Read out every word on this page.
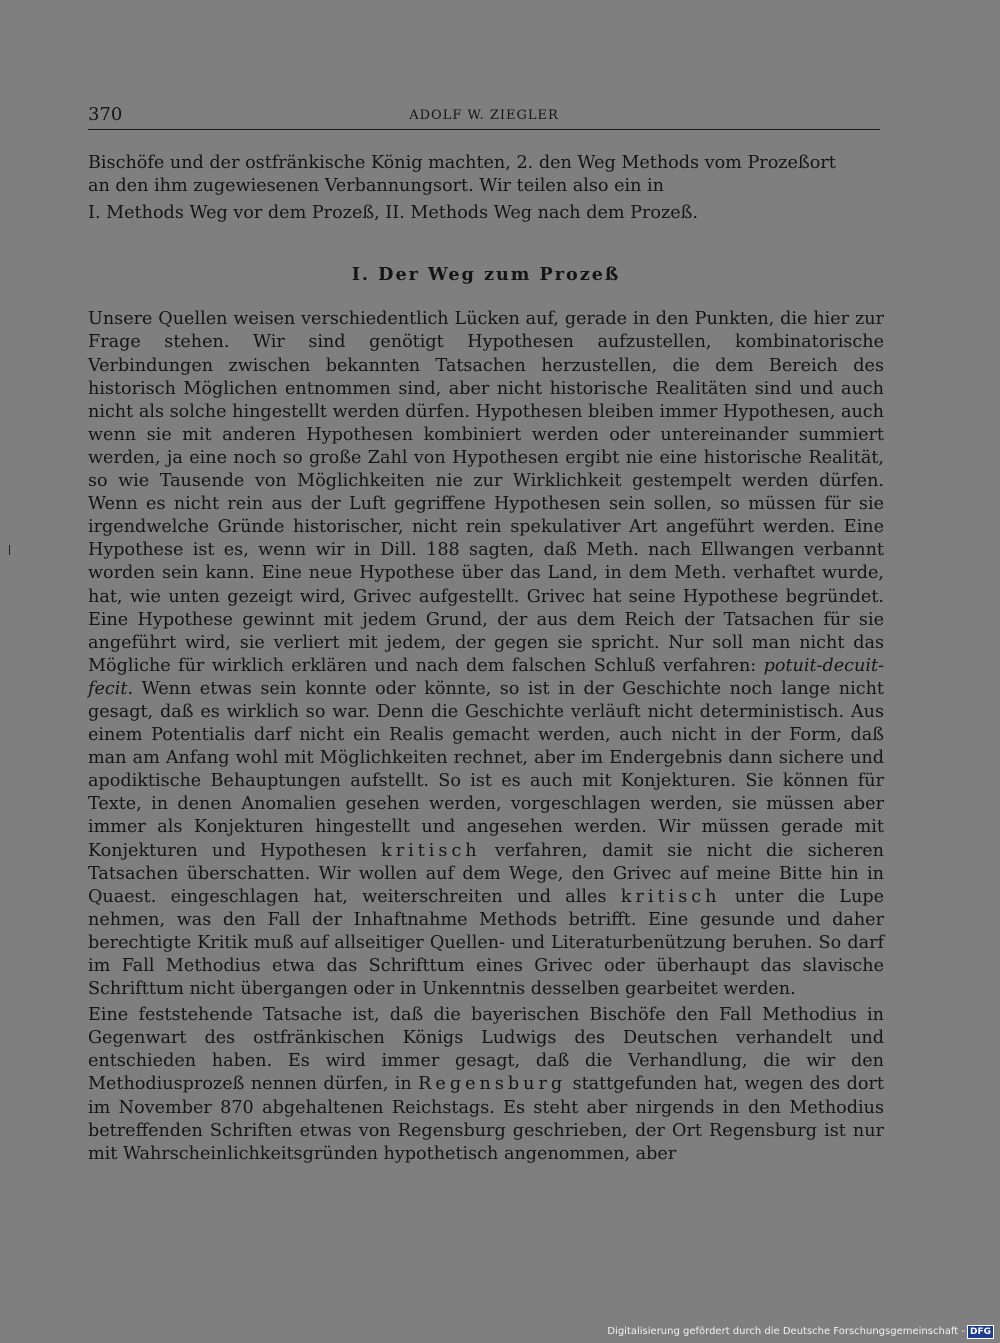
370	ADOLF W. ZIEGLER

Bischöfe und der ostfränkische König machten, 2. den Weg Methods vom Prozeßort
an den ihm zugewiesenen Verbannungsort. Wir teilen also ein in

I. Methods Weg vor dem Prozeß, II. Methods Weg nach dem Prozeß.

I. Der Weg zum Prozeß

Unsere Quellen weisen verschiedentlich Lücken auf, gerade in den Punkten, die hier zur Frage stehen. Wir sind genötigt Hypothesen aufzustellen, kombinatorische Verbindungen zwischen bekannten Tatsachen herzustellen, die dem Bereich des historisch Möglichen entnommen sind, aber nicht historische Realitäten sind und auch nicht als solche hingestellt werden dürfen. Hypothesen bleiben immer Hypothesen, auch wenn sie mit anderen Hypothesen kombiniert werden oder untereinander summiert werden, ja eine noch so große Zahl von Hypothesen ergibt nie eine historische Realität, so wie Tausende von Möglichkeiten nie zur Wirklichkeit gestempelt werden dürfen. Wenn es nicht rein aus der Luft gegriffene Hypothesen sein sollen, so müssen für sie irgendwelche Gründe historischer, nicht rein spekulativer Art angeführt werden. Eine Hypothese ist es, wenn wir in Dill. 188 sagten, daß Meth. nach Ellwangen verbannt worden sein kann. Eine neue Hypothese über das Land, in dem Meth. verhaftet wurde, hat, wie unten gezeigt wird, Grivec aufgestellt. Grivec hat seine Hypothese begründet. Eine Hypothese gewinnt mit jedem Grund, der aus dem Reich der Tatsachen für sie angeführt wird, sie verliert mit jedem, der gegen sie spricht. Nur soll man nicht das Mögliche für wirklich erklären und nach dem falschen Schluß verfahren: potuit-decuit-fecit. Wenn etwas sein konnte oder könnte, so ist in der Geschichte noch lange nicht gesagt, daß es wirklich so war. Denn die Geschichte verläuft nicht deterministisch. Aus einem Potentialis darf nicht ein Realis gemacht werden, auch nicht in der Form, daß man am Anfang wohl mit Möglichkeiten rechnet, aber im Endergebnis dann sichere und apodiktische Behauptungen aufstellt. So ist es auch mit Konjekturen. Sie können für Texte, in denen Anomalien gesehen werden, vorgeschlagen werden, sie müssen aber immer als Konjekturen hingestellt und angesehen werden. Wir müssen gerade mit Konjekturen und Hypothesen kritisch verfahren, damit sie nicht die sicheren Tatsachen überschatten. Wir wollen auf dem Wege, den Grivec auf meine Bitte hin in Quaest. eingeschlagen hat, weiterschreiten und alles kritisch unter die Lupe nehmen, was den Fall der Inhaftnahme Methods betrifft. Eine gesunde und daher berechtigte Kritik muß auf allseitiger Quellen- und Literaturbenützung beruhen. So darf im Fall Methodius etwa das Schrifttum eines Grivec oder überhaupt das slavische Schrifttum nicht übergangen oder in Unkenntnis desselben gearbeitet werden.

Eine feststehende Tatsache ist, daß die bayerischen Bischöfe den Fall Methodius in Gegenwart des ostfränkischen Königs Ludwigs des Deutschen verhandelt und entschieden haben. Es wird immer gesagt, daß die Verhandlung, die wir den Methodiusprozeß nennen dürfen, in Regensburg stattgefunden hat, wegen des dort im November 870 abgehaltenen Reichstags. Es steht aber nirgends in den Methodius betreffenden Schriften etwas von Regensburg geschrieben, der Ort Regensburg ist nur mit Wahrscheinlichkeitsgründen hypothetisch angenommen, aber

Digitalisierung gefördert durch die Deutsche Forschungsgemeinschaft - DFG
